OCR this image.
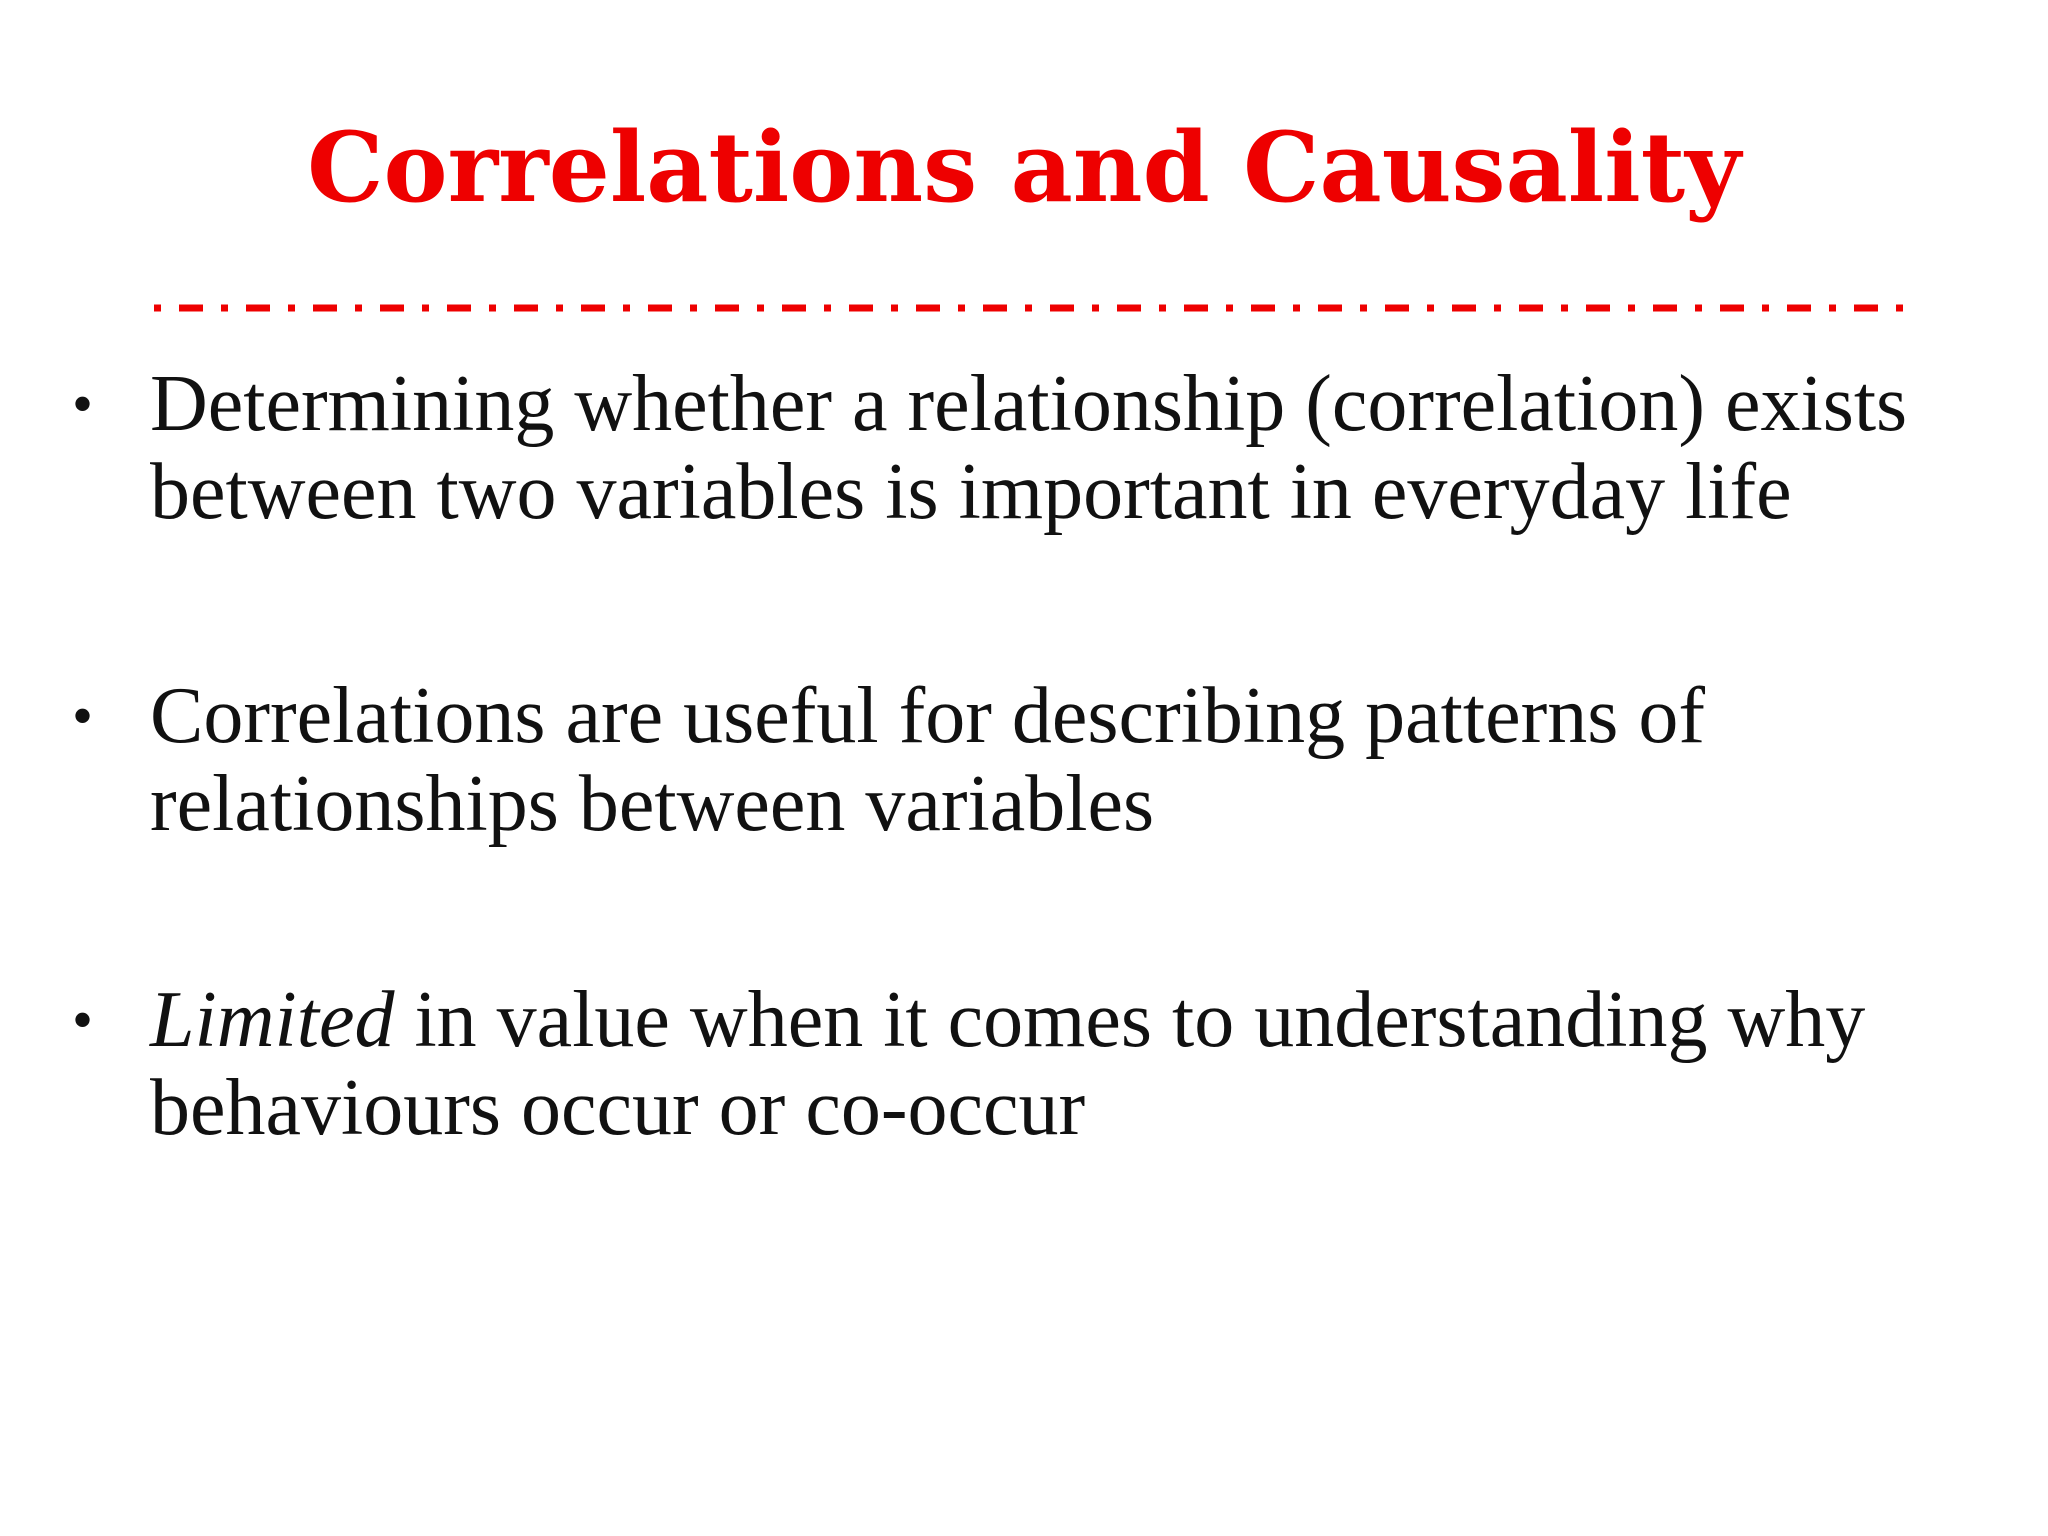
Correlations and Causality
• Determining whether a relationship (correlation) exists between two variables is important in everyday life
• Correlations are useful for describing patterns of relationships between variables
• Limited in value when it comes to understanding why behaviours occur or co-occur
